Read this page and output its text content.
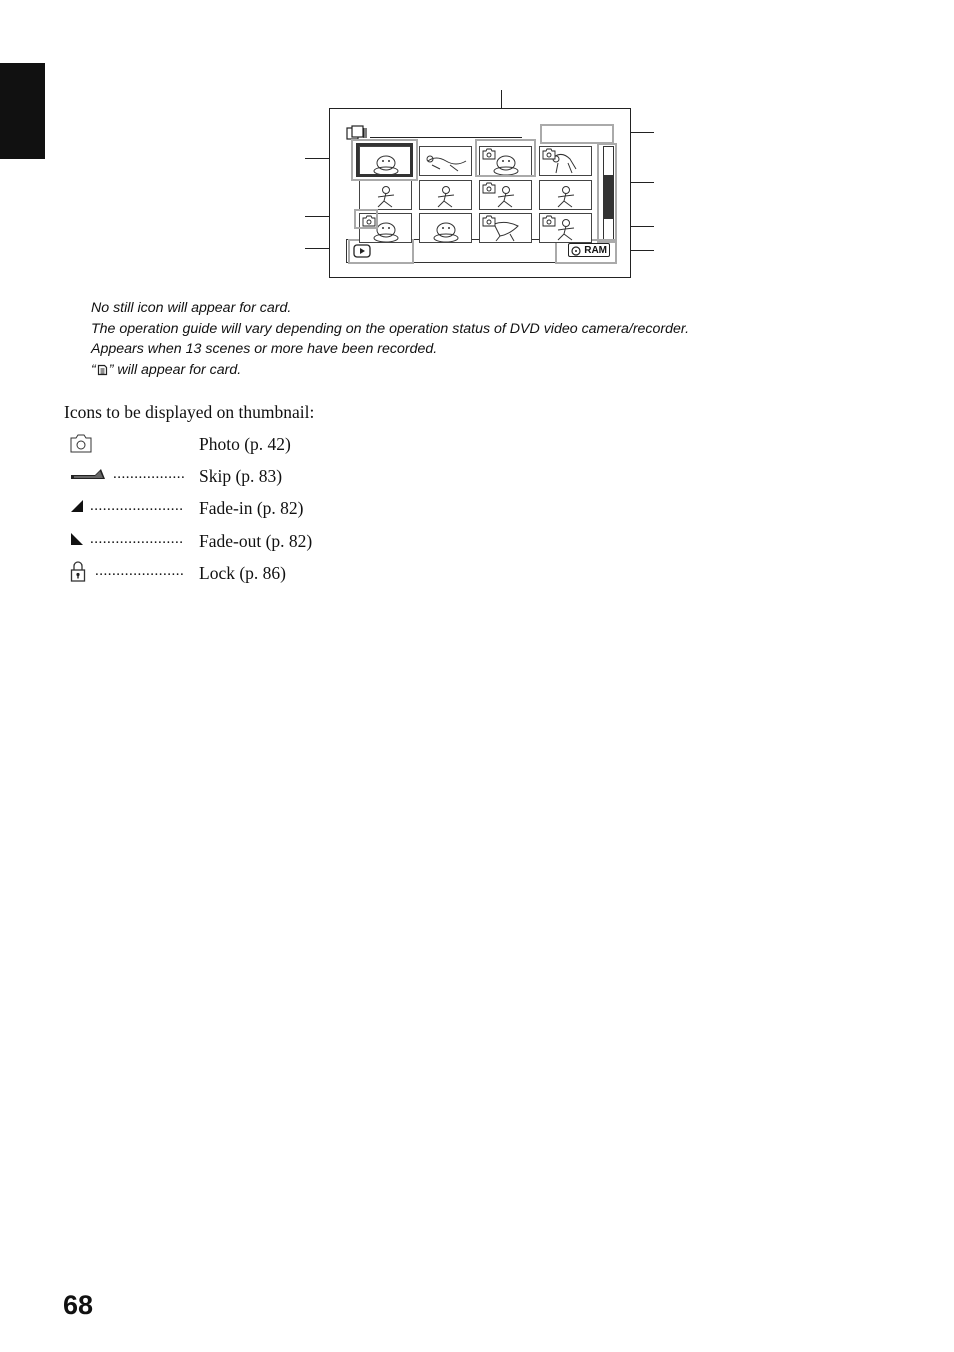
RAM
No still icon will appear for card.
The operation guide will vary depending on the operation status of DVD video camera/recorder.
Appears when 13 scenes or more have been recorded.
“ ” will appear for card.
Icons to be displayed on thumbnail:
Photo (p. 42)
................. Skip (p. 83)
...................... Fade-in (p. 82)
...................... Fade-out (p. 82)
..................... Lock (p. 86)
68
